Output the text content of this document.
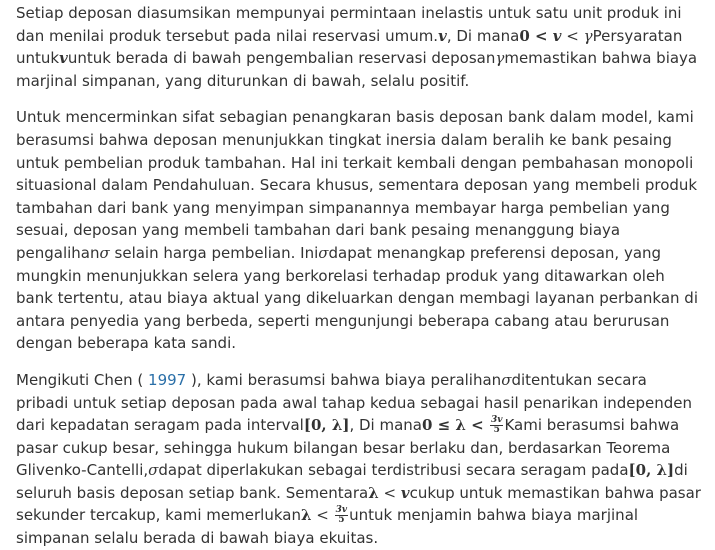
Setiap deposan diasumsikan mempunyai permintaan inelastis untuk satu unit produk ini dan menilai produk tersebut pada nilai reservasi umum.v, Di mana0 < v < γPersyaratan untukvuntuk berada di bawah pengembalian reservasi deposanγmemastikan bahwa biaya marjinal simpanan, yang diturunkan di bawah, selalu positif.

Untuk mencerminkan sifat sebagian penangkaran basis deposan bank dalam model, kami berasumsi bahwa deposan menunjukkan tingkat inersia dalam beralih ke bank pesaing untuk pembelian produk tambahan. Hal ini terkait kembali dengan pembahasan monopoli situasional dalam Pendahuluan. Secara khusus, sementara deposan yang membeli produk tambahan dari bank yang menyimpan simpanannya membayar harga pembelian yang sesuai, deposan yang membeli tambahan dari bank pesaing menanggung biaya pengalihanσ selain harga pembelian. Iniσdapat menangkap preferensi deposan, yang mungkin menunjukkan selera yang berkorelasi terhadap produk yang ditawarkan oleh bank tertentu, atau biaya aktual yang dikeluarkan dengan membagi layanan perbankan di antara penyedia yang berbeda, seperti mengunjungi beberapa cabang atau berurusan dengan beberapa kata sandi.

Mengikuti Chen ( 1997 ), kami berasumsi bahwa biaya peralihanσditentukan secara pribadi untuk setiap deposan pada awal tahap kedua sebagai hasil penarikan independen dari kepadatan seragam pada interval[0, λ], Di mana0 ≤ $\lambda < \frac{3v}{5}$ Kami berasumsi bahwa pasar cukup besar, sehingga hukum bilangan besar berlaku dan, berdasarkan Teorema Glivenko-Cantelli,σdapat diperlakukan sebagai terdistribusi secara seragam pada[0, λ]di seluruh basis deposan setiap bank. Sementaraλ < vcukup untuk memastikan bahwa pasar sekunder tercakup, kami memerlukanλ < $\frac{3v}{5}$ untuk menjamin bahwa biaya marjinal simpanan selalu berada di bawah biaya ekuitas.
